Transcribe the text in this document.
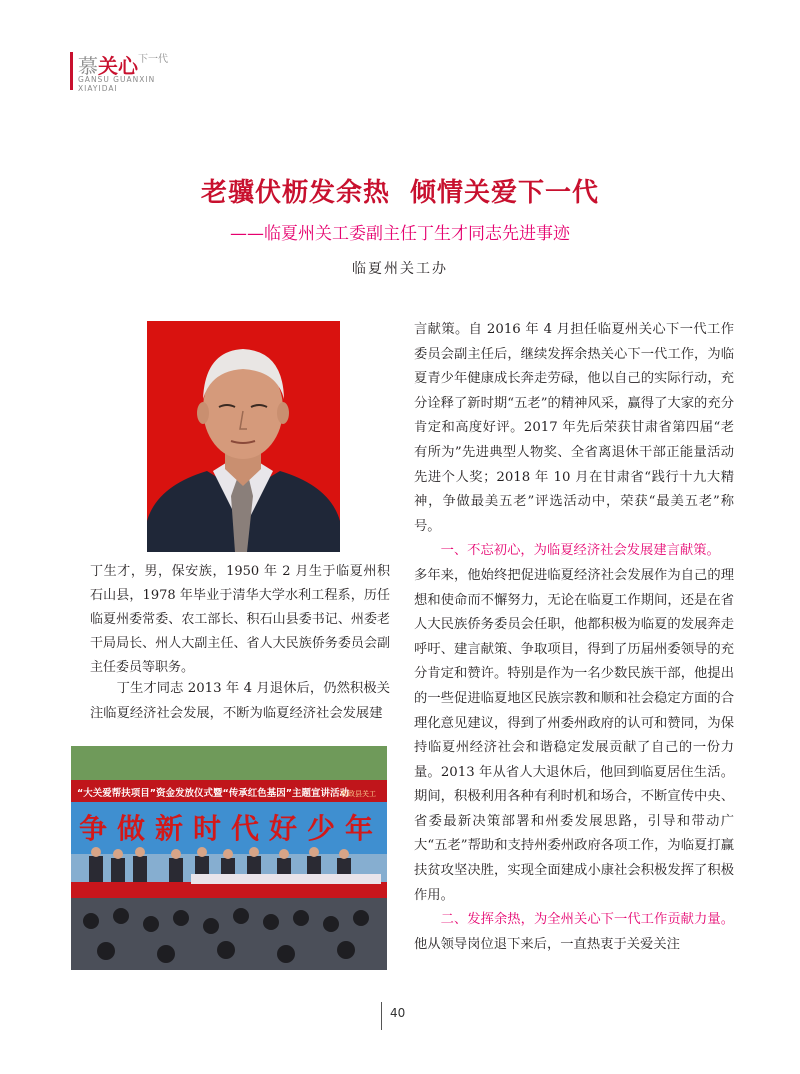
慕关心$^{下一代}$
GANSU GUANXIN
XIAYIDAI
老骥伏枥发余热  倾情关爱下一代
——临夏州关工委副主任丁生才同志先进事迹
临夏州关工办
丁生才，男，保安族，1950 年 2 月生于临夏州积石山县，1978 年毕业于清华大学水利工程系，历任临夏州委常委、农工部长、积石山县委书记、州委老干局局长、州人大副主任、省人大民族侨务委员会副主任委员等职务。
丁生才同志 2013 年 4 月退休后，仍然积极关注临夏经济社会发展，不断为临夏经济社会发展建
“大关爱帮扶项目”资金发放仪式暨“传承红色基因”主题宣讲活动
和政县关工
争做新时代好少年

言献策。自 2016 年 4 月担任临夏州关心下一代工作委员会副主任后，继续发挥余热关心下一代工作，为临夏青少年健康成长奔走劳碌，他以自己的实际行动，充分诠释了新时期“五老”的精神风采，赢得了大家的充分肯定和高度好评。2017 年先后荣获甘肃省第四届“老有所为”先进典型人物奖、全省离退休干部正能量活动先进个人奖；2018 年 10 月在甘肃省“践行十九大精神，争做最美五老”评选活动中，荣获“最美五老”称号。

一、不忘初心，为临夏经济社会发展建言献策。

多年来，他始终把促进临夏经济社会发展作为自己的理想和使命而不懈努力，无论在临夏工作期间，还是在省人大民族侨务委员会任职，他都积极为临夏的发展奔走呼吁、建言献策、争取项目，得到了历届州委领导的充分肯定和赞许。特别是作为一名少数民族干部，他提出的一些促进临夏地区民族宗教和顺和社会稳定方面的合理化意见建议，得到了州委州政府的认可和赞同，为保持临夏州经济社会和谐稳定发展贡献了自己的一份力量。2013 年从省人大退休后，他回到临夏居住生活。期间，积极利用各种有利时机和场合，不断宣传中央、省委最新决策部署和州委发展思路，引导和带动广大“五老”帮助和支持州委州政府各项工作，为临夏打赢扶贫攻坚决胜，实现全面建成小康社会积极发挥了积极作用。

二、发挥余热，为全州关心下一代工作贡献力量。他从领导岗位退下来后，一直热衷于关爱关注

40
